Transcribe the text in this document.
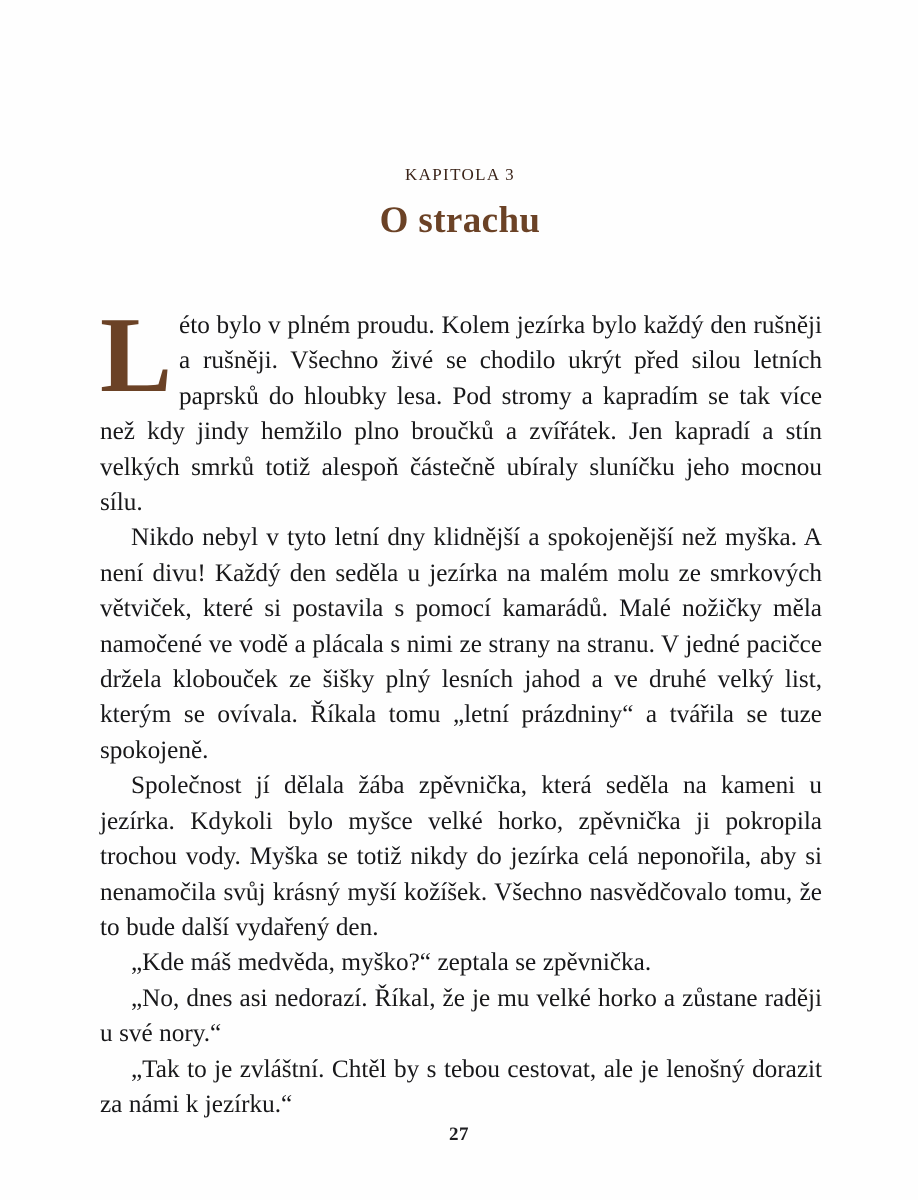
KAPITOLA 3

O strachu

Léto bylo v plném proudu. Kolem jezírka bylo každý den rušněji a rušněji. Všechno živé se chodilo ukrýt před silou letních paprsků do hloubky lesa. Pod stromy a kapradím se tak více než kdy jindy hemžilo plno broučků a zvířátek. Jen kapradí a stín velkých smrků totiž alespoň částečně ubíraly sluníčku jeho mocnou sílu.

Nikdo nebyl v tyto letní dny klidnější a spokojenější než myška. A není divu! Každý den seděla u jezírka na malém molu ze smrkových větviček, které si postavila s pomocí kamarádů. Malé nožičky měla namočené ve vodě a plácala s nimi ze strany na stranu. V jedné pacičce držela klobouček ze šišky plný lesních jahod a ve druhé velký list, kterým se ovívala. Říkala tomu „letní prázdniny“ a tvářila se tuze spokojeně.

Společnost jí dělala žába zpěvnička, která seděla na kameni u jezírka. Kdykoli bylo myšce velké horko, zpěvnička ji pokropila trochou vody. Myška se totiž nikdy do jezírka celá neponořila, aby si nenamočila svůj krásný myší kožíšek. Všechno nasvědčovalo tomu, že to bude další vydařený den.

„Kde máš medvěda, myško?“ zeptala se zpěvnička.

„No, dnes asi nedorazí. Říkal, že je mu velké horko a zůstane raději u své nory.“

„Tak to je zvláštní. Chtěl by s tebou cestovat, ale je lenošný dorazit za námi k jezírku.“

27
